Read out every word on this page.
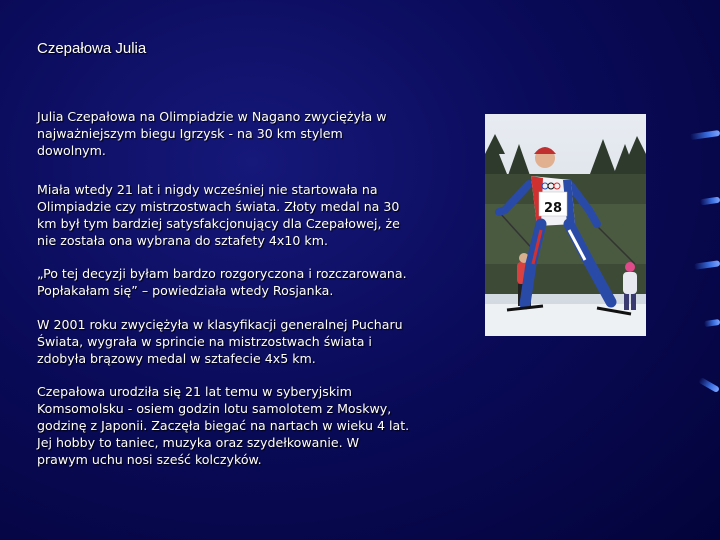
Czepałowa Julia
Julia Czepałowa na Olimpiadzie w Nagano zwyciężyła w
najważniejszym biegu Igrzysk - na 30 km stylem
dowolnym.
Miała wtedy 21 lat i nigdy wcześniej nie startowała na
Olimpiadzie czy mistrzostwach świata. Złoty medal na 30
km był tym bardziej satysfakcjonujący dla Czepałowej, że
nie została ona wybrana do sztafety 4x10 km.
„Po tej decyzji byłam bardzo rozgoryczona i rozczarowana.
Popłakałam się” – powiedziała wtedy Rosjanka.
W 2001 roku zwyciężyła w klasyfikacji generalnej Pucharu
Świata, wygrała w sprincie na mistrzostwach świata i
zdobyła brązowy medal w sztafecie 4x5 km.
Czepałowa urodziła się 21 lat temu w syberyjskim
Komsomolsku - osiem godzin lotu samolotem z Moskwy,
godzinę z Japonii. Zaczęła biegać na nartach w wieku 4 lat.
Jej hobby to taniec, muzyka oraz szydełkowanie. W
prawym uchu nosi sześć kolczyków.
28
